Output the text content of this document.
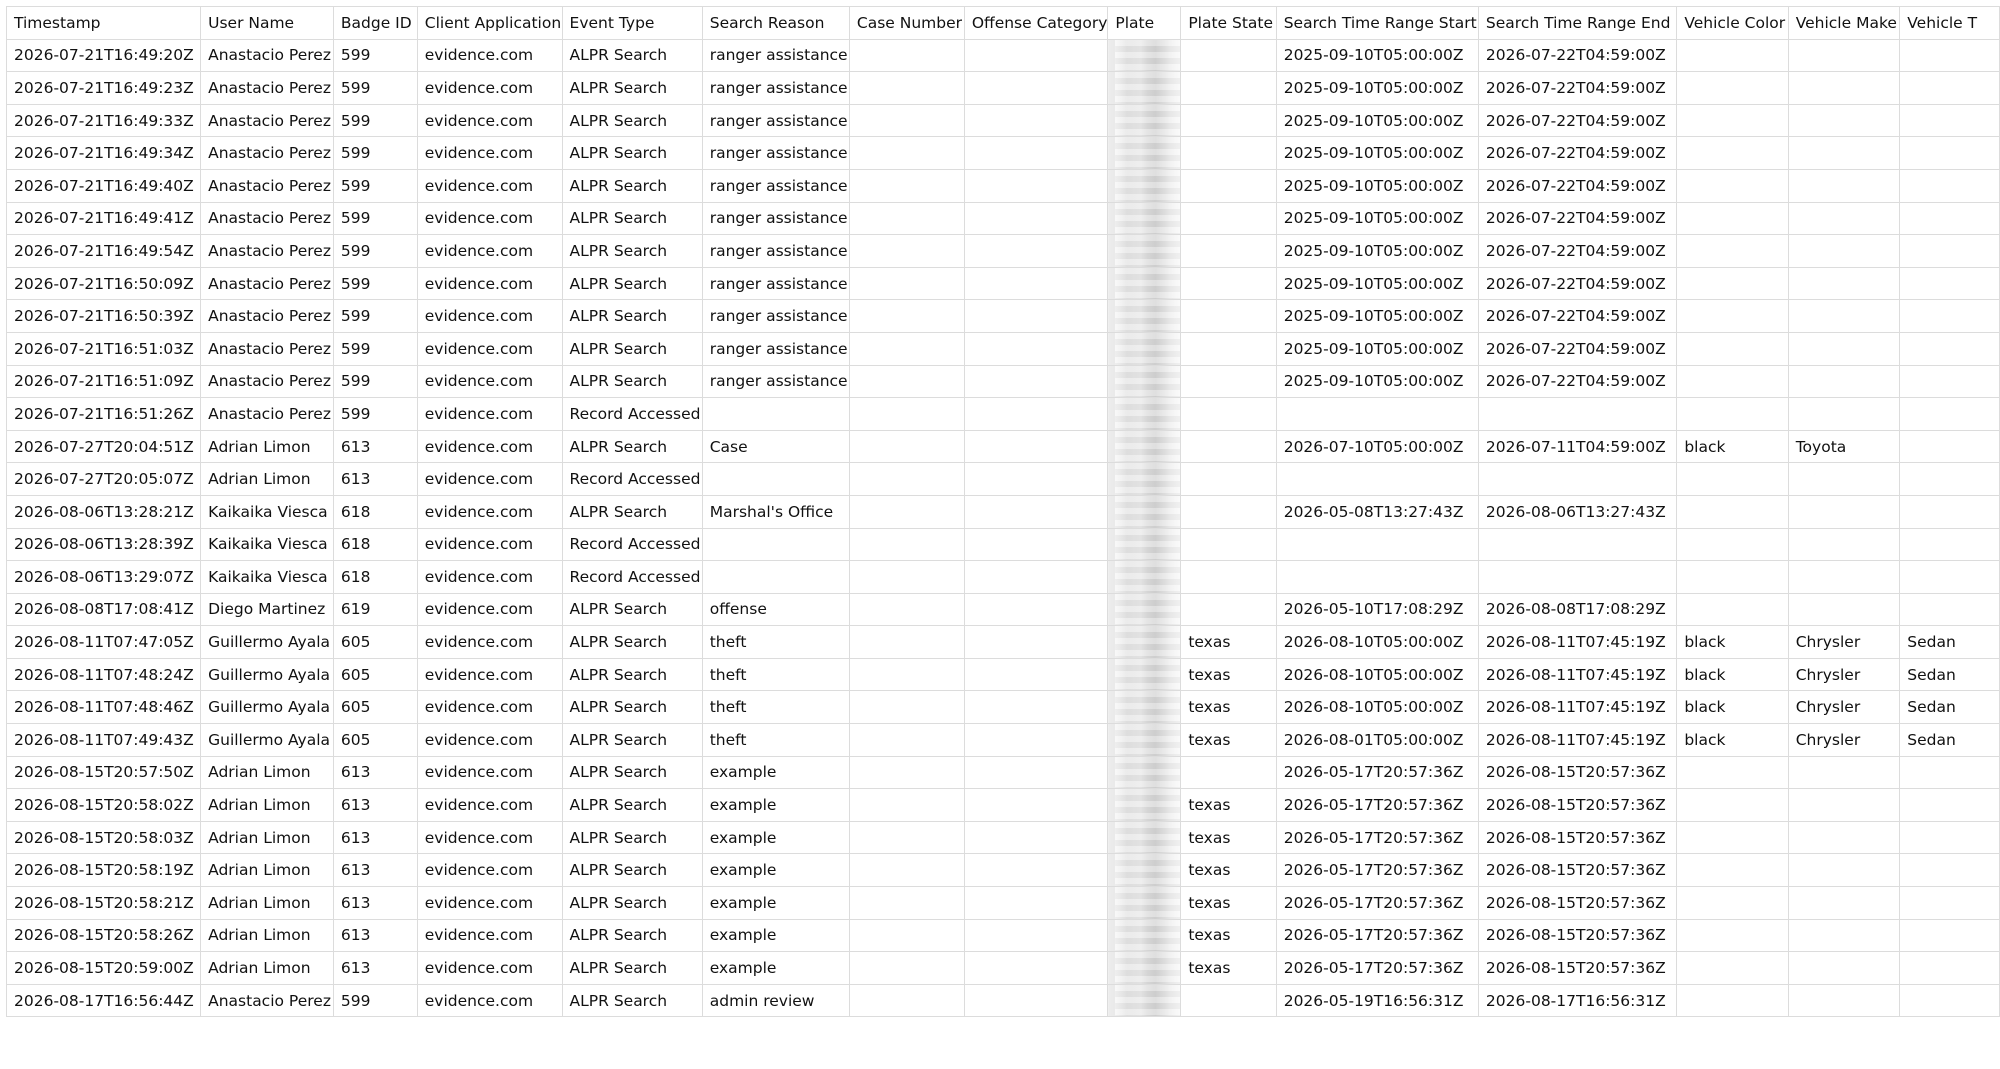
Timestamp	User Name	Badge ID	Client Application	Event Type	Search Reason	Case Number	Offense Category	Plate	Plate State	Search Time Range Start	Search Time Range End	Vehicle Color	Vehicle Make	Vehicle T
2026-07-21T16:49:20Z	Anastacio Perez	599	evidence.com	ALPR Search	ranger assistance					2025-09-10T05:00:00Z	2026-07-22T04:59:00Z			
2026-07-21T16:49:23Z	Anastacio Perez	599	evidence.com	ALPR Search	ranger assistance					2025-09-10T05:00:00Z	2026-07-22T04:59:00Z			
2026-07-21T16:49:33Z	Anastacio Perez	599	evidence.com	ALPR Search	ranger assistance					2025-09-10T05:00:00Z	2026-07-22T04:59:00Z			
2026-07-21T16:49:34Z	Anastacio Perez	599	evidence.com	ALPR Search	ranger assistance					2025-09-10T05:00:00Z	2026-07-22T04:59:00Z			
2026-07-21T16:49:40Z	Anastacio Perez	599	evidence.com	ALPR Search	ranger assistance					2025-09-10T05:00:00Z	2026-07-22T04:59:00Z			
2026-07-21T16:49:41Z	Anastacio Perez	599	evidence.com	ALPR Search	ranger assistance					2025-09-10T05:00:00Z	2026-07-22T04:59:00Z			
2026-07-21T16:49:54Z	Anastacio Perez	599	evidence.com	ALPR Search	ranger assistance					2025-09-10T05:00:00Z	2026-07-22T04:59:00Z			
2026-07-21T16:50:09Z	Anastacio Perez	599	evidence.com	ALPR Search	ranger assistance					2025-09-10T05:00:00Z	2026-07-22T04:59:00Z			
2026-07-21T16:50:39Z	Anastacio Perez	599	evidence.com	ALPR Search	ranger assistance					2025-09-10T05:00:00Z	2026-07-22T04:59:00Z			
2026-07-21T16:51:03Z	Anastacio Perez	599	evidence.com	ALPR Search	ranger assistance					2025-09-10T05:00:00Z	2026-07-22T04:59:00Z			
2026-07-21T16:51:09Z	Anastacio Perez	599	evidence.com	ALPR Search	ranger assistance					2025-09-10T05:00:00Z	2026-07-22T04:59:00Z			
2026-07-21T16:51:26Z	Anastacio Perez	599	evidence.com	Record Accessed				

2026-07-27T20:04:51Z	Adrian Limon	613	evidence.com	ALPR Search	Case					2026-07-10T05:00:00Z	2026-07-11T04:59:00Z	black	Toyota	
2026-07-27T20:05:07Z	Adrian Limon	613	evidence.com	Record Accessed				

2026-08-06T13:28:21Z	Kaikaika Viesca	618	evidence.com	ALPR Search	Marshal's Office					2026-05-08T13:27:43Z	2026-08-06T13:27:43Z			
2026-08-06T13:28:39Z	Kaikaika Viesca	618	evidence.com	Record Accessed				

2026-08-06T13:29:07Z	Kaikaika Viesca	618	evidence.com	Record Accessed				

2026-08-08T17:08:41Z	Diego Martinez	619	evidence.com	ALPR Search	offense					2026-05-10T17:08:29Z	2026-08-08T17:08:29Z			
2026-08-11T07:47:05Z	Guillermo Ayala	605	evidence.com	ALPR Search	theft				texas	2026-08-10T05:00:00Z	2026-08-11T07:45:19Z	black	Chrysler	Sedan
2026-08-11T07:48:24Z	Guillermo Ayala	605	evidence.com	ALPR Search	theft				texas	2026-08-10T05:00:00Z	2026-08-11T07:45:19Z	black	Chrysler	Sedan
2026-08-11T07:48:46Z	Guillermo Ayala	605	evidence.com	ALPR Search	theft				texas	2026-08-10T05:00:00Z	2026-08-11T07:45:19Z	black	Chrysler	Sedan
2026-08-11T07:49:43Z	Guillermo Ayala	605	evidence.com	ALPR Search	theft				texas	2026-08-01T05:00:00Z	2026-08-11T07:45:19Z	black	Chrysler	Sedan
2026-08-15T20:57:50Z	Adrian Limon	613	evidence.com	ALPR Search	example					2026-05-17T20:57:36Z	2026-08-15T20:57:36Z			
2026-08-15T20:58:02Z	Adrian Limon	613	evidence.com	ALPR Search	example				texas	2026-05-17T20:57:36Z	2026-08-15T20:57:36Z			
2026-08-15T20:58:03Z	Adrian Limon	613	evidence.com	ALPR Search	example				texas	2026-05-17T20:57:36Z	2026-08-15T20:57:36Z			
2026-08-15T20:58:19Z	Adrian Limon	613	evidence.com	ALPR Search	example				texas	2026-05-17T20:57:36Z	2026-08-15T20:57:36Z			
2026-08-15T20:58:21Z	Adrian Limon	613	evidence.com	ALPR Search	example				texas	2026-05-17T20:57:36Z	2026-08-15T20:57:36Z			
2026-08-15T20:58:26Z	Adrian Limon	613	evidence.com	ALPR Search	example				texas	2026-05-17T20:57:36Z	2026-08-15T20:57:36Z			
2026-08-15T20:59:00Z	Adrian Limon	613	evidence.com	ALPR Search	example				texas	2026-05-17T20:57:36Z	2026-08-15T20:57:36Z			
2026-08-17T16:56:44Z	Anastacio Perez	599	evidence.com	ALPR Search	admin review					2026-05-19T16:56:31Z	2026-08-17T16:56:31Z			
